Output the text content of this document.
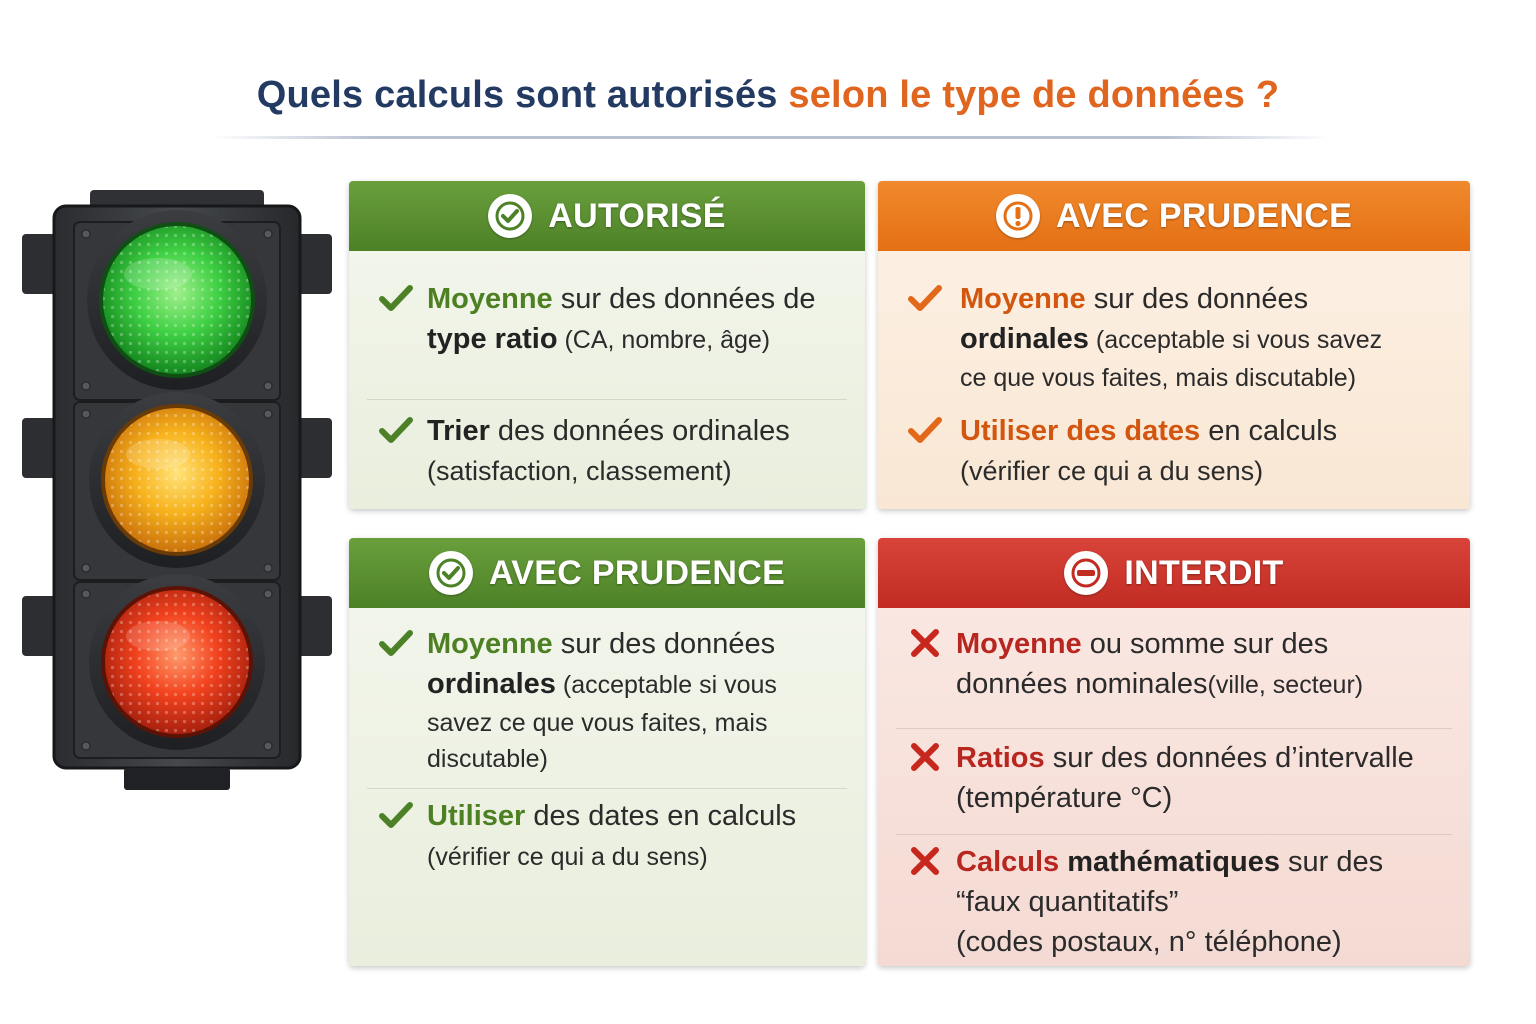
Quels calculs sont autorisés selon le type de données ?
AUTORISÉ
Moyenne sur des données de type ratio (CA, nombre, âge)
Trier des données ordinales
(satisfaction, classement)
AVEC PRUDENCE
Moyenne sur des données
ordinales (acceptable si vous savez
ce que vous faites, mais discutable)
Utiliser des dates en calculs
(vérifier ce qui a du sens)
AVEC PRUDENCE
Moyenne sur des données
ordinales (acceptable si vous
savez ce que vous faites, mais
discutable)
Utiliser des dates en calculs
(vérifier ce qui a du sens)
INTERDIT
Moyenne ou somme sur des
données nominales(ville, secteur)
Ratios sur des données d’intervalle
(température °C)
Calculs mathématiques sur des
“faux quantitatifs”
(codes postaux, n° téléphone)
